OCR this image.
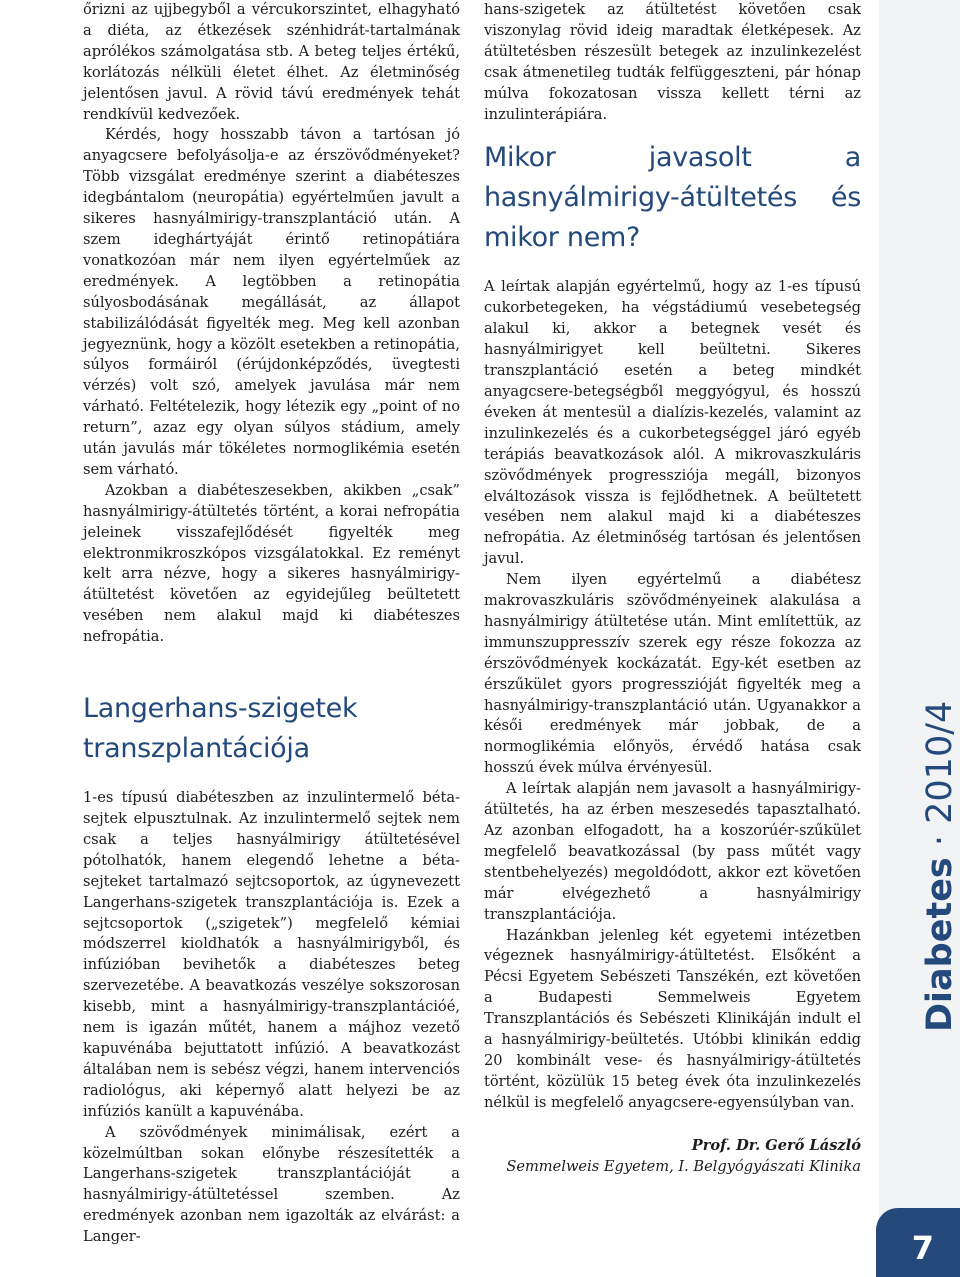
őrizni az ujjbegyből a vércukorszintet, elhagyható a diéta, az étkezések szénhidrát-tartalmának aprólékos számolgatása stb. A beteg teljes értékű, korlátozás nélküli életet élhet. Az életminőség jelentősen javul. A rövid távú eredmények tehát rendkívül kedvezőek.

Kérdés, hogy hosszabb távon a tartósan jó anyagcsere befolyásolja-e az érszövődményeket? Több vizsgálat eredménye szerint a diabéteszes idegbántalom (neuropátia) egyértelműen javult a sikeres hasnyálmirigy-transzplantáció után. A szem ideghártyáját érintő retinopátiára vonatkozóan már nem ilyen egyértelműek az eredmények. A legtöbben a retinopátia súlyosbodásának megállását, az állapot stabilizálódását figyelték meg. Meg kell azonban jegyeznünk, hogy a közölt esetekben a retinopátia, súlyos formáiról (érújdonképződés, üvegtesti vérzés) volt szó, amelyek javulása már nem várható. Feltételezik, hogy létezik egy „point of no return”, azaz egy olyan súlyos stádium, amely után javulás már tökéletes normoglikémia esetén sem várható.

Azokban a diabéteszesekben, akikben „csak” hasnyálmirigy-átültetés történt, a korai nefropátia jeleinek visszafejlődését figyelték meg elektronmikroszkópos vizsgálatokkal. Ez reményt kelt arra nézve, hogy a sikeres hasnyálmirigy-átültetést követően az egyidejűleg beültetett vesében nem alakul majd ki diabéteszes nefropátia.

Langerhans-szigetek transzplantációja

1-es típusú diabéteszben az inzulintermelő béta-sejtek elpusztulnak. Az inzulintermelő sejtek nem csak a teljes hasnyálmirigy átültetésével pótolhatók, hanem elegendő lehetne a béta-sejteket tartalmazó sejtcsoportok, az úgynevezett Langerhans-szigetek transzplantációja is. Ezek a sejtcsoportok („szigetek”) megfelelő kémiai módszerrel kioldhatók a hasnyálmirigyből, és infúzióban bevihetők a diabéteszes beteg szervezetébe. A beavatkozás veszélye sokszorosan kisebb, mint a hasnyálmirigy-transzplantációé, nem is igazán műtét, hanem a májhoz vezető kapuvénába bejuttatott infúzió. A beavatkozást általában nem is sebész végzi, hanem intervenciós radiológus, aki képernyő alatt helyezi be az infúziós kanült a kapuvénába.

A szövődmények minimálisak, ezért a közelmúltban sokan előnybe részesítették a Langerhans-szigetek transzplantációját a hasnyálmirigy-átültetéssel szemben. Az eredmények azonban nem igazolták az elvárást: a Langer-

hans-szigetek az átültetést követően csak viszonylag rövid ideig maradtak életképesek. Az átültetésben részesült betegek az inzulinkezelést csak átmenetileg tudták felfüggeszteni, pár hónap múlva fokozatosan vissza kellett térni az inzulinterápiára.

Mikor javasolt a hasnyálmirigy-átültetés és mikor nem?

A leírtak alapján egyértelmű, hogy az 1-es típusú cukorbetegeken, ha végstádiumú vesebetegség alakul ki, akkor a betegnek vesét és hasnyálmirigyet kell beültetni. Sikeres transzplantáció esetén a beteg mindkét anyagcsere-betegségből meggyógyul, és hosszú éveken át mentesül a dialízis-kezelés, valamint az inzulinkezelés és a cukorbetegséggel járó egyéb terápiás beavatkozások alól. A mikrovaszkuláris szövődmények progressziója megáll, bizonyos elváltozások vissza is fejlődhetnek. A beültetett vesében nem alakul majd ki a diabéteszes nefropátia. Az életminőség tartósan és jelentősen javul.

Nem ilyen egyértelmű a diabétesz makrovaszkuláris szövődményeinek alakulása a hasnyálmirigy átültetése után. Mint említettük, az immunszuppresszív szerek egy része fokozza az érszövődmények kockázatát. Egy-két esetben az érszűkület gyors progresszióját figyelték meg a hasnyálmirigy-transzplantáció után. Ugyanakkor a késői eredmények már jobbak, de a normoglikémia előnyös, érvédő hatása csak hosszú évek múlva érvényesül.

A leírtak alapján nem javasolt a hasnyálmirigy-átültetés, ha az érben meszesedés tapasztalható. Az azonban elfogadott, ha a koszorúér-szűkület megfelelő beavatkozással (by pass műtét vagy stentbehelyezés) megoldódott, akkor ezt követően már elvégezhető a hasnyálmirigy transzplantációja.

Hazánkban jelenleg két egyetemi intézetben végeznek hasnyálmirigy-átültetést. Elsőként a Pécsi Egyetem Sebészeti Tanszékén, ezt követően a Budapesti Semmelweis Egyetem Transzplantációs és Sebészeti Klinikáján indult el a hasnyálmirigy-beültetés. Utóbbi klinikán eddig 20 kombinált vese- és hasnyálmirigy-átültetés történt, közülük 15 beteg évek óta inzulinkezelés nélkül is megfelelő anyagcsere-egyensúlyban van.

Prof. Dr. Gerő László
Semmelweis Egyetem, I. Belgyógyászati Klinika
Diabetes · 2010/4
7
